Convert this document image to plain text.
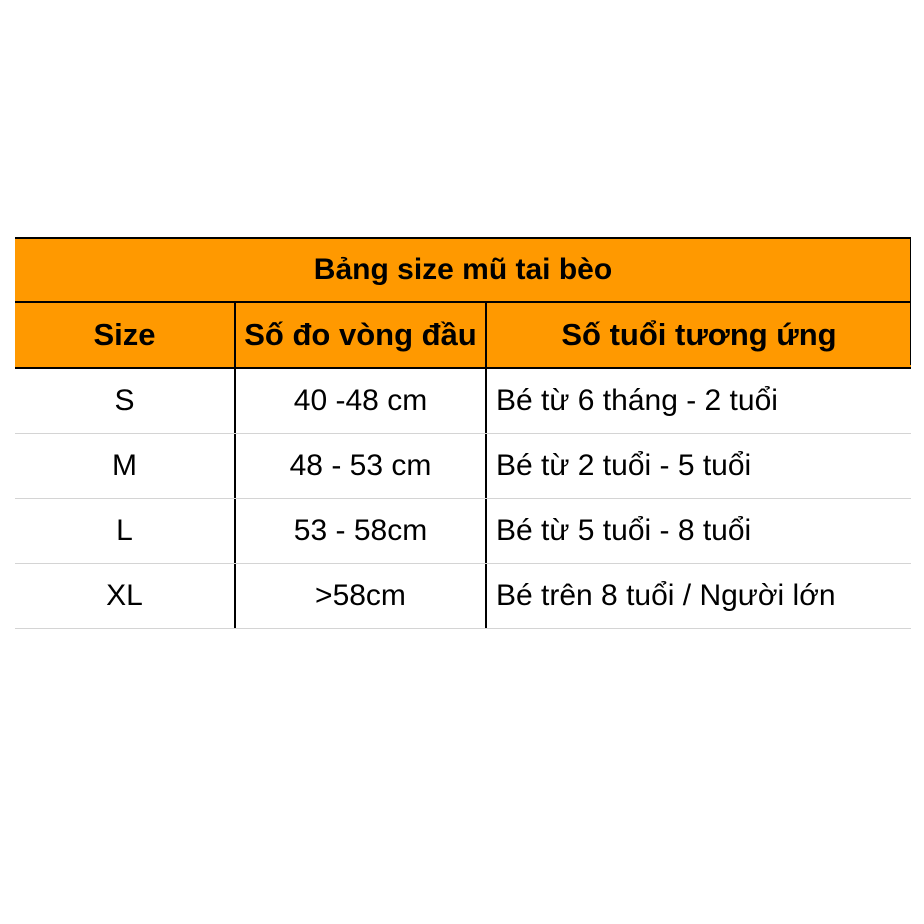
Bảng size mũ tai bèo
Size	Số đo vòng đầu	Số tuổi tương ứng
S	40 -48 cm	Bé từ 6 tháng - 2 tuổi
M	48 - 53 cm	Bé từ 2 tuổi - 5 tuổi
L	53 - 58cm	Bé từ 5 tuổi - 8 tuổi
XL	>58cm	Bé trên 8 tuổi / Người lớn
